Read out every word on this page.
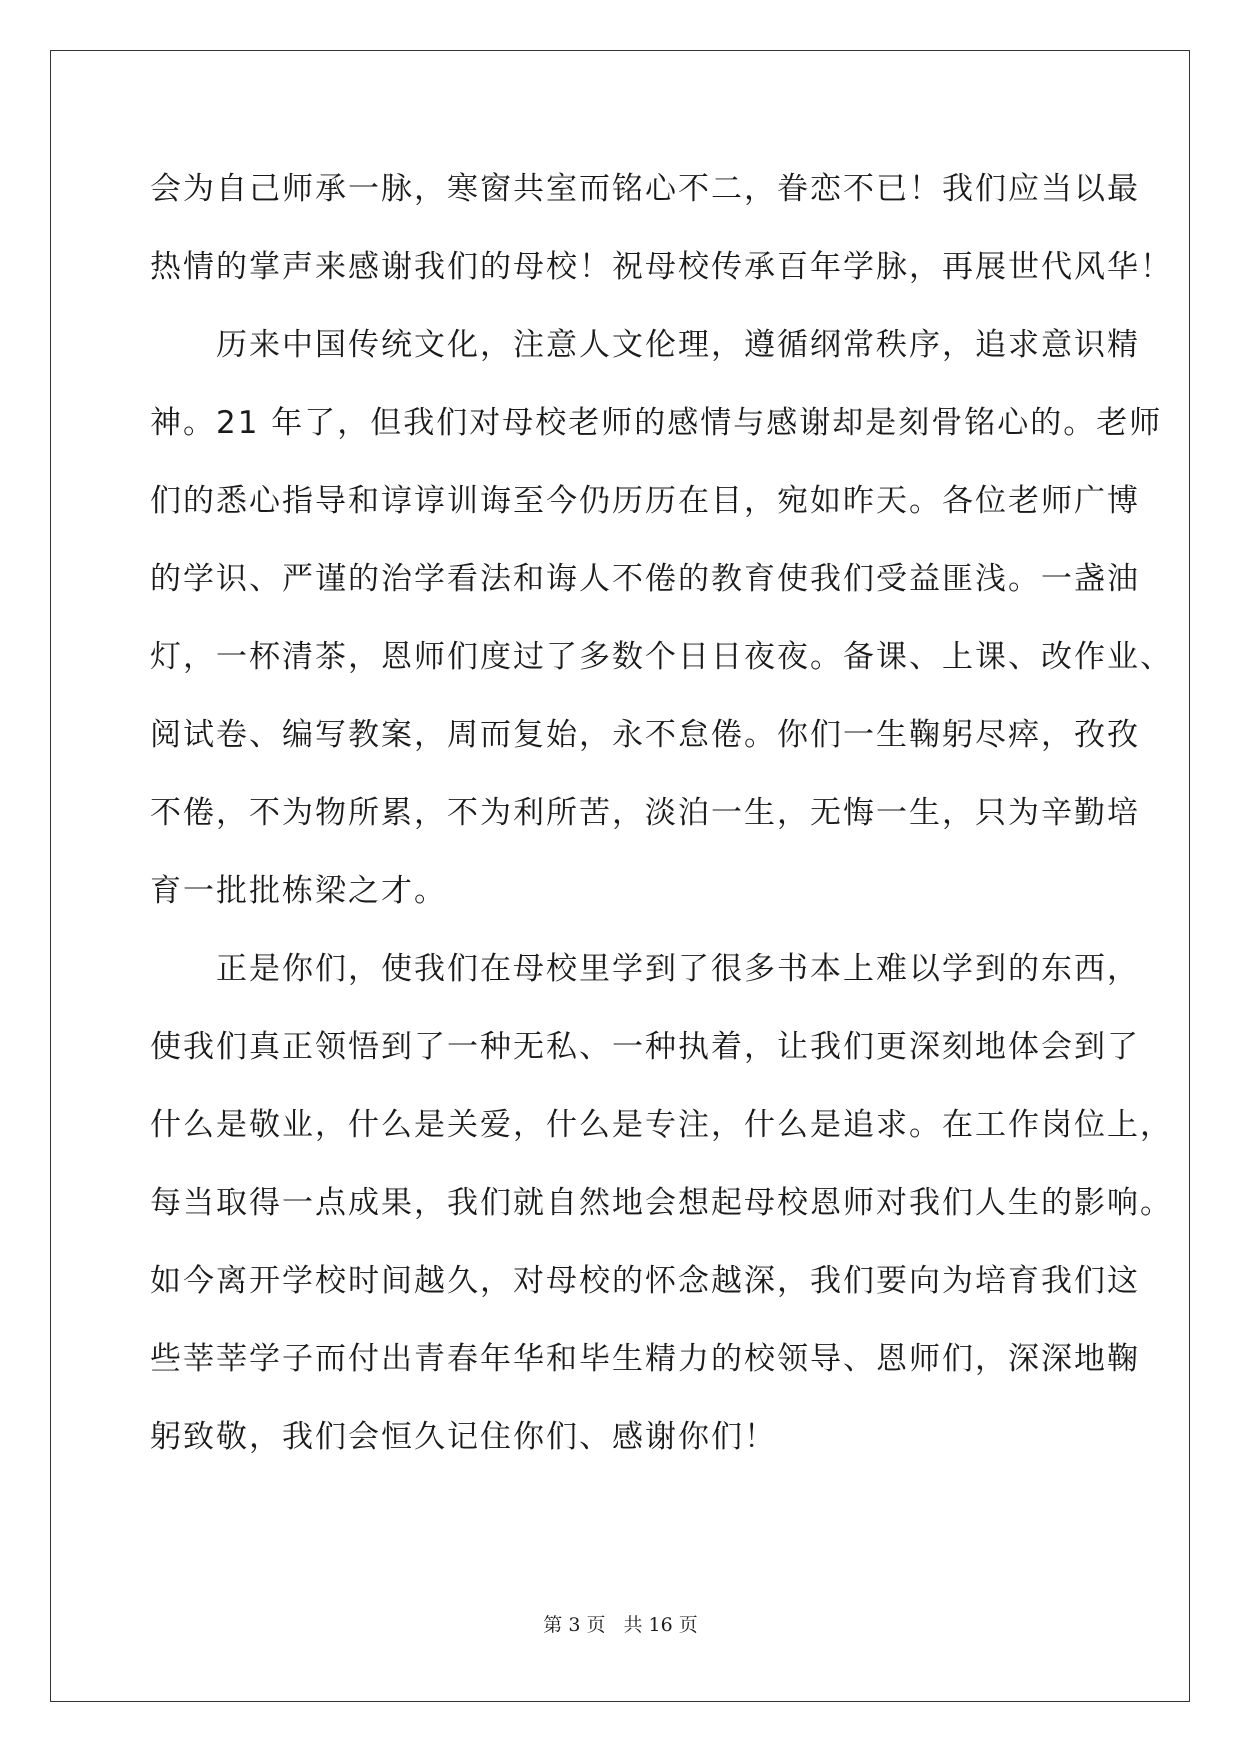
会为自己师承一脉，寒窗共室而铭心不二，眷恋不已！我们应当以最
热情的掌声来感谢我们的母校！祝母校传承百年学脉，再展世代风华！
历来中国传统文化，注意人文伦理，遵循纲常秩序，追求意识精
神。21 年了，但我们对母校老师的感情与感谢却是刻骨铭心的。老师
们的悉心指导和谆谆训诲至今仍历历在目，宛如昨天。各位老师广博
的学识、严谨的治学看法和诲人不倦的教育使我们受益匪浅。一盏油
灯，一杯清茶，恩师们度过了多数个日日夜夜。备课、上课、改作业、
阅试卷、编写教案，周而复始，永不怠倦。你们一生鞠躬尽瘁，孜孜
不倦，不为物所累，不为利所苦，淡泊一生，无悔一生，只为辛勤培
育一批批栋梁之才。
正是你们，使我们在母校里学到了很多书本上难以学到的东西，
使我们真正领悟到了一种无私、一种执着，让我们更深刻地体会到了
什么是敬业，什么是关爱，什么是专注，什么是追求。在工作岗位上，
每当取得一点成果，我们就自然地会想起母校恩师对我们人生的影响。
如今离开学校时间越久，对母校的怀念越深，我们要向为培育我们这
些莘莘学子而付出青春年华和毕生精力的校领导、恩师们，深深地鞠
躬致敬，我们会恒久记住你们、感谢你们！
第 3 页 共 16 页
